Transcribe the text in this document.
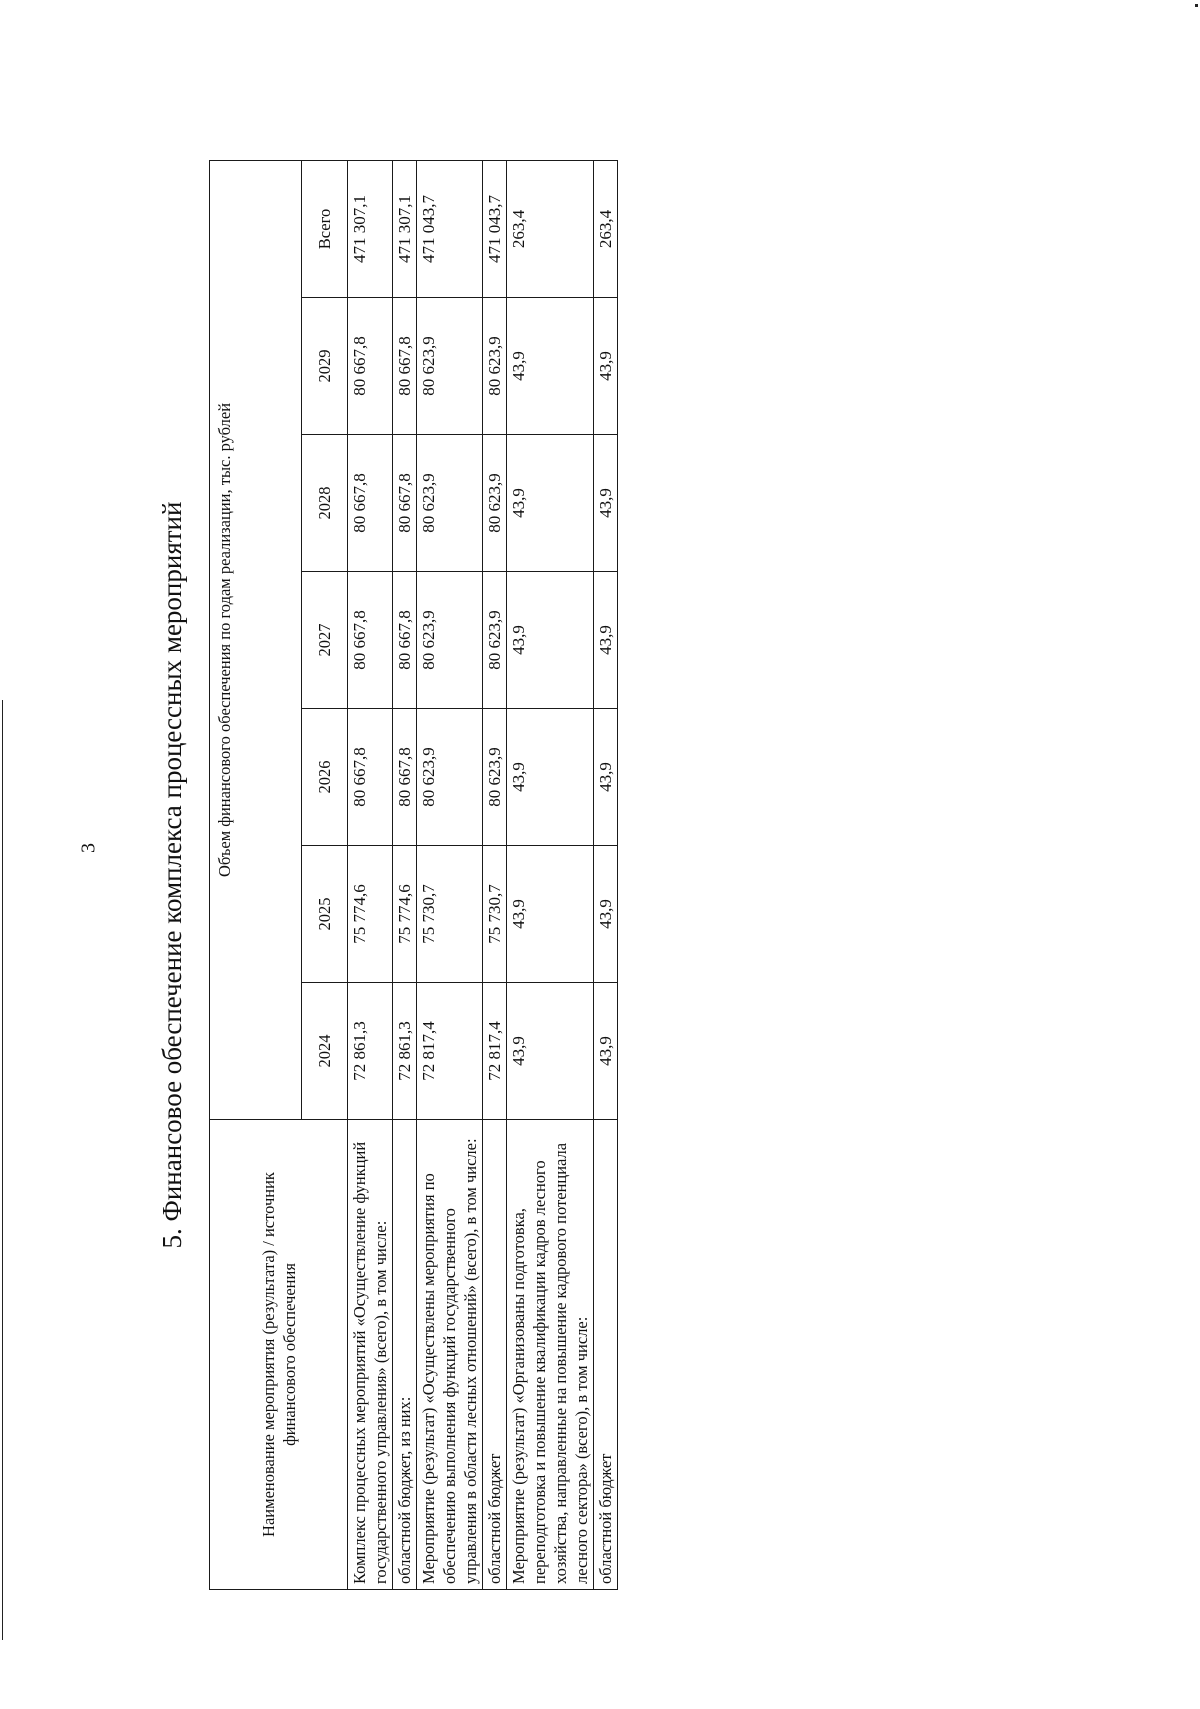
3 5. Финансовое обеспечение комплекса процессных мероприятий
Наименование мероприятия (результата) / источник финансового обеспечения	Объем финансового обеспечения по годам реализации, тыс. рублей						
	2024	2025	2026	2027	2028	2029	Всего
Комплекс процессных мероприятий «Осуществление функций государственного управления» (всего), в том числе:	72 861,3	75 774,6	80 667,8	80 667,8	80 667,8	80 667,8	471 307,1
областной бюджет, из них:	72 861,3	75 774,6	80 667,8	80 667,8	80 667,8	80 667,8	471 307,1
Мероприятие (результат) «Осуществлены мероприятия по обеспечению выполнения функций государственного управления в области лесных отношений» (всего), в том числе:	72 817,4	75 730,7	80 623,9	80 623,9	80 623,9	80 623,9	471 043,7
областной бюджет	72 817,4	75 730,7	80 623,9	80 623,9	80 623,9	80 623,9	471 043,7
Мероприятие (результат) «Организованы подготовка, переподготовка и повышение квалификации кадров лесного хозяйства, направленные на повышение кадрового потенциала лесного сектора» (всего), в том числе:	43,9	43,9	43,9	43,9	43,9	43,9	263,4
областной бюджет	43,9	43,9	43,9	43,9	43,9	43,9	263,4
